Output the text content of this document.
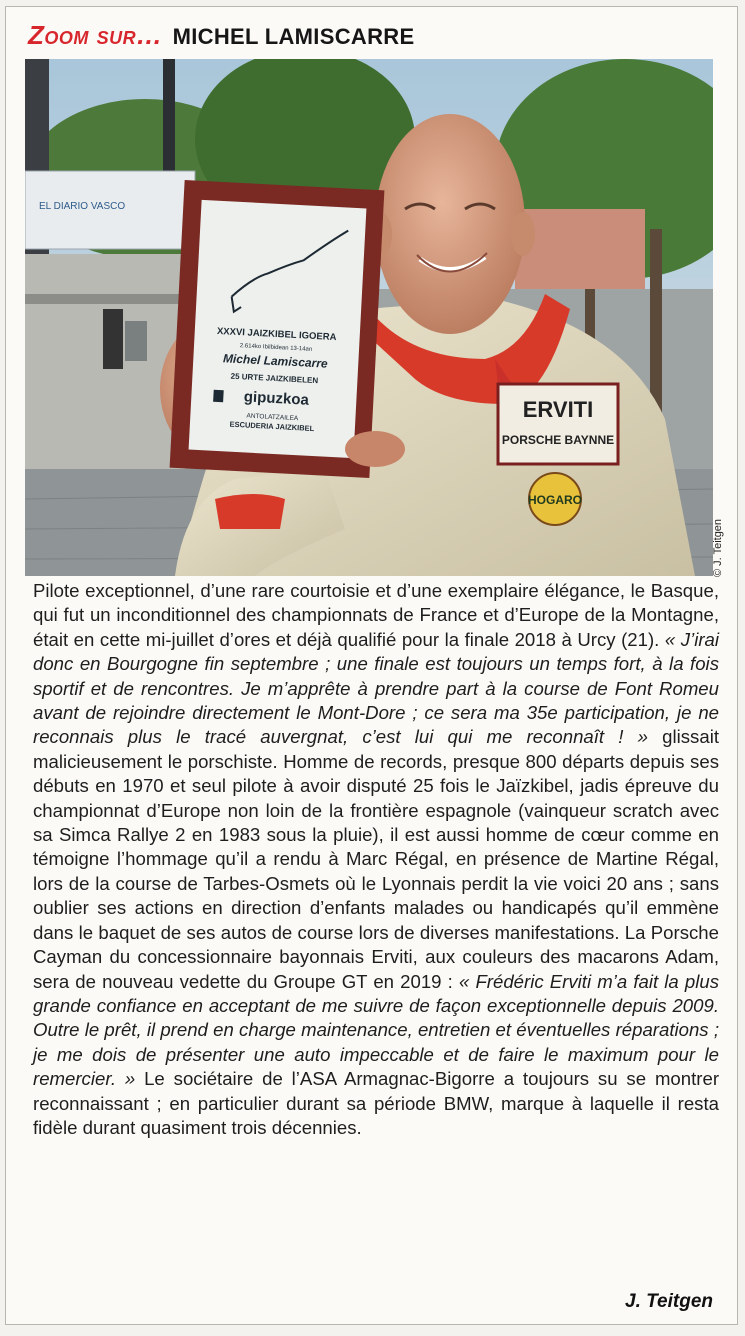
Zoom sur… MICHEL LAMISCARRE
EL DIARIO VASCO
ERVITI
PORSCHE BAYNNE
HOGARO
XXXVI JAIZKIBEL IGOERA
2.614ko Ibilbidean 13-14an
Michel Lamiscarre
25 URTE JAIZKIBELEN
gipuzkoa
ANTOLATZAILEA
ESCUDERIA JAIZKIBEL
© J. Teitgen

Pilote exceptionnel, d’une rare courtoisie et d’une exemplaire élégance, le Basque, qui fut un inconditionnel des championnats de France et d’Europe de la Montagne, était en cette mi-juillet d’ores et déjà qualifié pour la finale 2018 à Urcy (21). « J’irai donc en Bourgogne fin septembre ; une finale est toujours un temps fort, à la fois sportif et de rencontres. Je m’apprête à prendre part à la course de Font Romeu avant de rejoindre directement le Mont-Dore ; ce sera ma 35e participation, je ne reconnais plus le tracé auvergnat, c’est lui qui me reconnaît ! » glissait malicieusement le porschiste. Homme de records, presque 800 départs depuis ses débuts en 1970 et seul pilote à avoir disputé 25 fois le Jaïzkibel, jadis épreuve du championnat d’Europe non loin de la frontière espagnole (vainqueur scratch avec sa Simca Rallye 2 en 1983 sous la pluie), il est aussi homme de cœur comme en témoigne l’hommage qu’il a rendu à Marc Régal, en présence de Martine Régal, lors de la course de Tarbes-Osmets où le Lyonnais perdit la vie voici 20 ans ; sans oublier ses actions en direction d’enfants malades ou handicapés qu’il emmène dans le baquet de ses autos de course lors de diverses manifestations. La Porsche Cayman du concessionnaire bayonnais Erviti, aux couleurs des macarons Adam, sera de nouveau vedette du Groupe GT en 2019 : « Frédéric Erviti m’a fait la plus grande confiance en acceptant de me suivre de façon exceptionnelle depuis 2009. Outre le prêt, il prend en charge maintenance, entretien et éventuelles réparations ; je me dois de présenter une auto impeccable et de faire le maximum pour le remercier. » Le sociétaire de l’ASA Armagnac-Bigorre a toujours su se montrer reconnaissant ; en particulier durant sa période BMW, marque à laquelle il resta fidèle durant quasiment trois décennies.

J. Teitgen
